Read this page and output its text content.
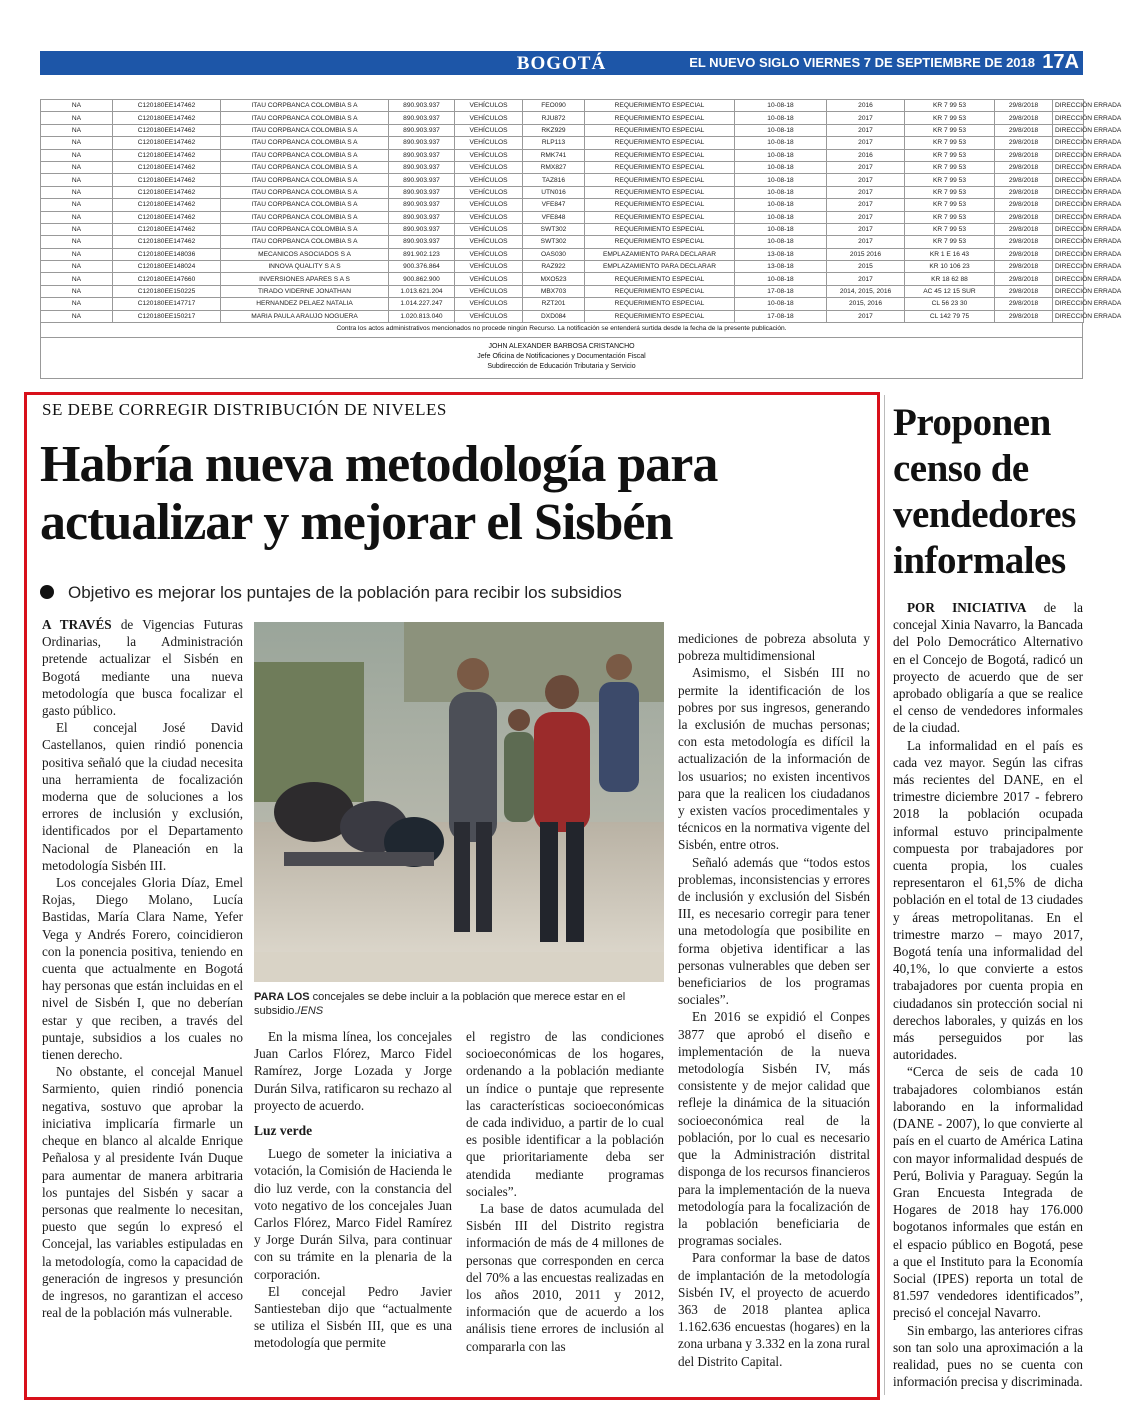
BOGOTÁ	EL NUEVO SIGLO VIERNES 7 DE SEPTIEMBRE DE 2018 17A
NA	C120180EE147462	ITAU CORPBANCA COLOMBIA S A	890.903.937	VEHÍCULOS	FEO090	REQUERIMIENTO ESPECIAL	10-08-18	2016	KR 7 99 53	29/8/2018	DIRECCIÓN ERRADA
NA	C120180EE147462	ITAU CORPBANCA COLOMBIA S A	890.903.937	VEHÍCULOS	RJU872	REQUERIMIENTO ESPECIAL	10-08-18	2017	KR 7 99 53	29/8/2018	DIRECCIÓN ERRADA
NA	C120180EE147462	ITAU CORPBANCA COLOMBIA S A	890.903.937	VEHÍCULOS	RKZ929	REQUERIMIENTO ESPECIAL	10-08-18	2017	KR 7 99 53	29/8/2018	DIRECCIÓN ERRADA
NA	C120180EE147462	ITAU CORPBANCA COLOMBIA S A	890.903.937	VEHÍCULOS	RLP113	REQUERIMIENTO ESPECIAL	10-08-18	2017	KR 7 99 53	29/8/2018	DIRECCIÓN ERRADA
NA	C120180EE147462	ITAU CORPBANCA COLOMBIA S A	890.903.937	VEHÍCULOS	RMK741	REQUERIMIENTO ESPECIAL	10-08-18	2016	KR 7 99 53	29/8/2018	DIRECCIÓN ERRADA
NA	C120180EE147462	ITAU CORPBANCA COLOMBIA S A	890.903.937	VEHÍCULOS	RMX827	REQUERIMIENTO ESPECIAL	10-08-18	2017	KR 7 99 53	29/8/2018	DIRECCIÓN ERRADA
NA	C120180EE147462	ITAU CORPBANCA COLOMBIA S A	890.903.937	VEHÍCULOS	TAZ816	REQUERIMIENTO ESPECIAL	10-08-18	2017	KR 7 99 53	29/8/2018	DIRECCIÓN ERRADA
NA	C120180EE147462	ITAU CORPBANCA COLOMBIA S A	890.903.937	VEHÍCULOS	UTN016	REQUERIMIENTO ESPECIAL	10-08-18	2017	KR 7 99 53	29/8/2018	DIRECCIÓN ERRADA
NA	C120180EE147462	ITAU CORPBANCA COLOMBIA S A	890.903.937	VEHÍCULOS	VFE847	REQUERIMIENTO ESPECIAL	10-08-18	2017	KR 7 99 53	29/8/2018	DIRECCIÓN ERRADA
NA	C120180EE147462	ITAU CORPBANCA COLOMBIA S A	890.903.937	VEHÍCULOS	VFE848	REQUERIMIENTO ESPECIAL	10-08-18	2017	KR 7 99 53	29/8/2018	DIRECCIÓN ERRADA
NA	C120180EE147462	ITAU CORPBANCA COLOMBIA S A	890.903.937	VEHÍCULOS	SWT302	REQUERIMIENTO ESPECIAL	10-08-18	2017	KR 7 99 53	29/8/2018	DIRECCIÓN ERRADA
NA	C120180EE147462	ITAU CORPBANCA COLOMBIA S A	890.903.937	VEHÍCULOS	SWT302	REQUERIMIENTO ESPECIAL	10-08-18	2017	KR 7 99 53	29/8/2018	DIRECCIÓN ERRADA
NA	C120180EE148036	MECANICOS ASOCIADOS S A	891.902.123	VEHÍCULOS	OAS030	EMPLAZAMIENTO PARA DECLARAR	13-08-18	2015 2016	KR 1 E 16 43	29/8/2018	DIRECCIÓN ERRADA
NA	C120180EE148024	INNOVA QUALITY S A S	900.376.864	VEHÍCULOS	RAZ922	EMPLAZAMIENTO PARA DECLARAR	13-08-18	2015	KR 10 106 23	29/8/2018	DIRECCIÓN ERRADA
NA	C120180EE147660	INVERSIONES APARES S A S	900.862.900	VEHÍCULOS	MXO523	REQUERIMIENTO ESPECIAL	10-08-18	2017	KR 18 62 88	29/8/2018	DIRECCIÓN ERRADA
NA	C120180EE150225	TIRADO VIDERNE JONATHAN	1.013.621.204	VEHÍCULOS	MBX703	REQUERIMIENTO ESPECIAL	17-08-18	2014, 2015, 2016	AC 45 12 15 SUR	29/8/2018	DIRECCIÓN ERRADA
NA	C120180EE147717	HERNANDEZ PELAEZ NATALIA	1.014.227.247	VEHÍCULOS	RZT201	REQUERIMIENTO ESPECIAL	10-08-18	2015, 2016	CL 56 23 30	29/8/2018	DIRECCIÓN ERRADA
NA	C120180EE150217	MARIA PAULA ARAUJO NOGUERA	1.020.813.040	VEHÍCULOS	DXD084	REQUERIMIENTO ESPECIAL	17-08-18	2017	CL 142 79 75	29/8/2018	DIRECCIÓN ERRADA
Contra los actos administrativos mencionados no procede ningún Recurso. La notificación se entenderá surtida desde la fecha de la presente publicación.
JOHN ALEXANDER BARBOSA CRISTANCHO
Jefe Oficina de Notificaciones y Documentación Fiscal
Subdirección de Educación Tributaria y Servicio
SE DEBE CORREGIR DISTRIBUCIÓN DE NIVELES
Habría nueva metodología para actualizar y mejorar el Sisbén
Objetivo es mejorar los puntajes de la población para recibir los subsidios

A TRAVÉS de Vigencias Futuras Ordinarias, la Administración pretende actualizar el Sisbén en Bogotá mediante una nueva metodología que busca focalizar el gasto público.

El concejal José David Castellanos, quien rindió ponencia positiva señaló que la ciudad necesita una herramienta de focalización moderna que de soluciones a los errores de inclusión y exclusión, identificados por el Departamento Nacional de Planeación en la metodología Sisbén III.

Los concejales Gloria Díaz, Emel Rojas, Diego Molano, Lucía Bastidas, María Clara Name, Yefer Vega y Andrés Forero, coincidieron con la ponencia positiva, teniendo en cuenta que actualmente en Bogotá hay personas que están incluidas en el nivel de Sisbén I, que no deberían estar y que reciben, a través del puntaje, subsidios a los cuales no tienen derecho.

No obstante, el concejal Manuel Sarmiento, quien rindió ponencia negativa, sostuvo que aprobar la iniciativa implicaría firmarle un cheque en blanco al alcalde Enrique Peñalosa y al presidente Iván Duque para aumentar de manera arbitraria los puntajes del Sisbén y sacar a personas que realmente lo necesitan, puesto que según lo expresó el Concejal, las variables estipuladas en la metodología, como la capacidad de generación de ingresos y presunción de ingresos, no garantizan el acceso real de la población más vulnerable.

PARA LOS concejales se debe incluir a la población que merece estar en el subsidio./ENS

En la misma línea, los concejales Juan Carlos Flórez, Marco Fidel Ramírez, Jorge Lozada y Jorge Durán Silva, ratificaron su rechazo al proyecto de acuerdo.

Luz verde

Luego de someter la iniciativa a votación, la Comisión de Hacienda le dio luz verde, con la constancia del voto negativo de los concejales Juan Carlos Flórez, Marco Fidel Ramírez y Jorge Durán Silva, para continuar con su trámite en la plenaria de la corporación.

El concejal Pedro Javier Santiesteban dijo que “actualmente se utiliza el Sisbén III, que es una metodología que permite

el registro de las condiciones socioeconómicas de los hogares, ordenando a la población mediante un índice o puntaje que represente las características socioeconómicas de cada individuo, a partir de lo cual es posible identificar a la población que prioritariamente deba ser atendida mediante programas sociales”.

La base de datos acumulada del Sisbén III del Distrito registra información de más de 4 millones de personas que corresponden en cerca del 70% a las encuestas realizadas en los años 2010, 2011 y 2012, información que de acuerdo a los análisis tiene errores de inclusión al compararla con las

mediciones de pobreza absoluta y pobreza multidimensional

Asimismo, el Sisbén III no permite la identificación de los pobres por sus ingresos, generando la exclusión de muchas personas; con esta metodología es difícil la actualización de la información de los usuarios; no existen incentivos para que la realicen los ciudadanos y existen vacíos procedimentales y técnicos en la normativa vigente del Sisbén, entre otros.

Señaló además que “todos estos problemas, inconsistencias y errores de inclusión y exclusión del Sisbén III, es necesario corregir para tener una metodología que posibilite en forma objetiva identificar a las personas vulnerables que deben ser beneficiarios de los programas sociales”.

En 2016 se expidió el Conpes 3877 que aprobó el diseño e implementación de la nueva metodología Sisbén IV, más consistente y de mejor calidad que refleje la dinámica de la situación socioeconómica real de la población, por lo cual es necesario que la Administración distrital disponga de los recursos financieros para la implementación de la nueva metodología para la focalización de la población beneficiaria de programas sociales.

Para conformar la base de datos de implantación de la metodología Sisbén IV, el proyecto de acuerdo 363 de 2018 plantea aplica 1.162.636 encuestas (hogares) en la zona urbana y 3.332 en la zona rural del Distrito Capital.

Proponen censo de vendedores informales

POR INICIATIVA de la concejal Xinia Navarro, la Bancada del Polo Democrático Alternativo en el Concejo de Bogotá, radicó un proyecto de acuerdo que de ser aprobado obligaría a que se realice el censo de vendedores informales de la ciudad.

La informalidad en el país es cada vez mayor. Según las cifras más recientes del DANE, en el trimestre diciembre 2017 - febrero 2018 la población ocupada informal estuvo principalmente compuesta por trabajadores por cuenta propia, los cuales representaron el 61,5% de dicha población en el total de 13 ciudades y áreas metropolitanas. En el trimestre marzo – mayo 2017, Bogotá tenía una informalidad del 40,1%, lo que convierte a estos trabajadores por cuenta propia en ciudadanos sin protección social ni derechos laborales, y quizás en los más perseguidos por las autoridades.

“Cerca de seis de cada 10 trabajadores colombianos están laborando en la informalidad (DANE - 2007), lo que convierte al país en el cuarto de América Latina con mayor informalidad después de Perú, Bolivia y Paraguay. Según la Gran Encuesta Integrada de Hogares de 2018 hay 176.000 bogotanos informales que están en el espacio público en Bogotá, pese a que el Instituto para la Economía Social (IPES) reporta un total de 81.597 vendedores identificados”, precisó el concejal Navarro.

Sin embargo, las anteriores cifras son tan solo una aproximación a la realidad, pues no se cuenta con información precisa y discriminada.
